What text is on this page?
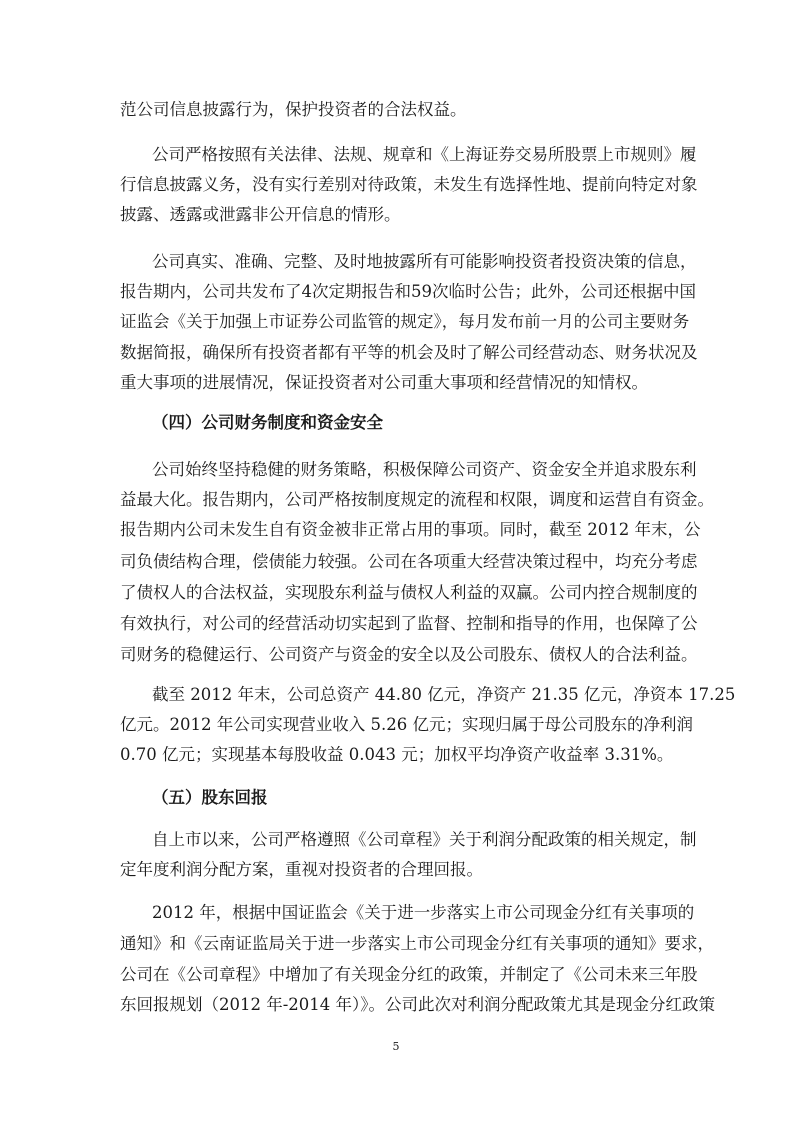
范公司信息披露行为，保护投资者的合法权益。

公司严格按照有关法律、法规、规章和《上海证券交易所股票上市规则》履

行信息披露义务，没有实行差别对待政策，未发生有选择性地、提前向特定对象

披露、透露或泄露非公开信息的情形。

公司真实、准确、完整、及时地披露所有可能影响投资者投资决策的信息，

报告期内，公司共发布了4次定期报告和59次临时公告；此外，公司还根据中国

证监会《关于加强上市证券公司监管的规定》，每月发布前一月的公司主要财务

数据简报，确保所有投资者都有平等的机会及时了解公司经营动态、财务状况及

重大事项的进展情况，保证投资者对公司重大事项和经营情况的知情权。

（四）公司财务制度和资金安全

公司始终坚持稳健的财务策略，积极保障公司资产、资金安全并追求股东利

益最大化。报告期内，公司严格按制度规定的流程和权限，调度和运营自有资金。

报告期内公司未发生自有资金被非正常占用的事项。同时，截至 2012 年末，公

司负债结构合理，偿债能力较强。公司在各项重大经营决策过程中，均充分考虑

了债权人的合法权益，实现股东利益与债权人利益的双赢。公司内控合规制度的

有效执行，对公司的经营活动切实起到了监督、控制和指导的作用，也保障了公

司财务的稳健运行、公司资产与资金的安全以及公司股东、债权人的合法利益。

截至 2012 年末，公司总资产 44.80 亿元，净资产 21.35 亿元，净资本 17.25

亿元。2012 年公司实现营业收入 5.26 亿元；实现归属于母公司股东的净利润

0.70 亿元；实现基本每股收益 0.043 元；加权平均净资产收益率 3.31%。

（五）股东回报

自上市以来，公司严格遵照《公司章程》关于利润分配政策的相关规定，制

定年度利润分配方案，重视对投资者的合理回报。

2012 年，根据中国证监会《关于进一步落实上市公司现金分红有关事项的

通知》和《云南证监局关于进一步落实上市公司现金分红有关事项的通知》要求，

公司在《公司章程》中增加了有关现金分红的政策，并制定了《公司未来三年股

东回报规划（2012 年-2014 年）》。公司此次对利润分配政策尤其是现金分红政策

5
